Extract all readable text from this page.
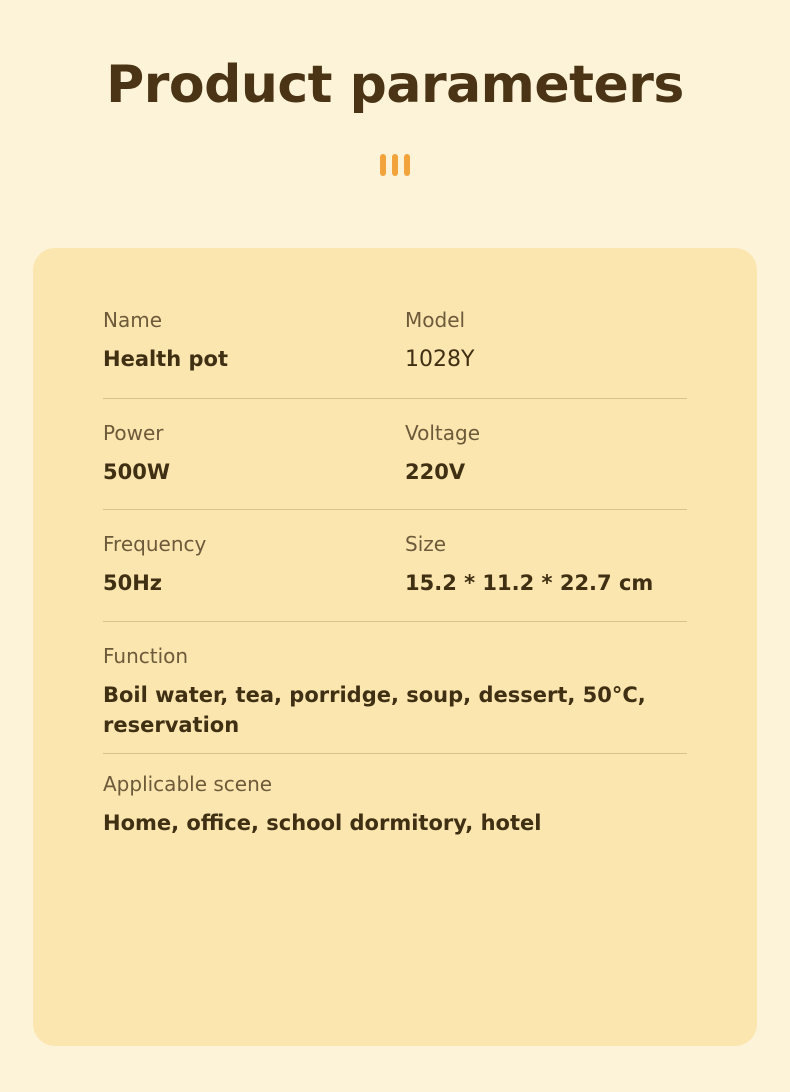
Product parameters
Name
Health pot
Model
1028Y
Power
500W
Voltage
220V
Frequency
50Hz
Size
15.2 * 11.2 * 22.7 cm
Function
Boil water, tea, porridge, soup, dessert, 50°C, reservation
Applicable scene
Home, office, school dormitory, hotel
